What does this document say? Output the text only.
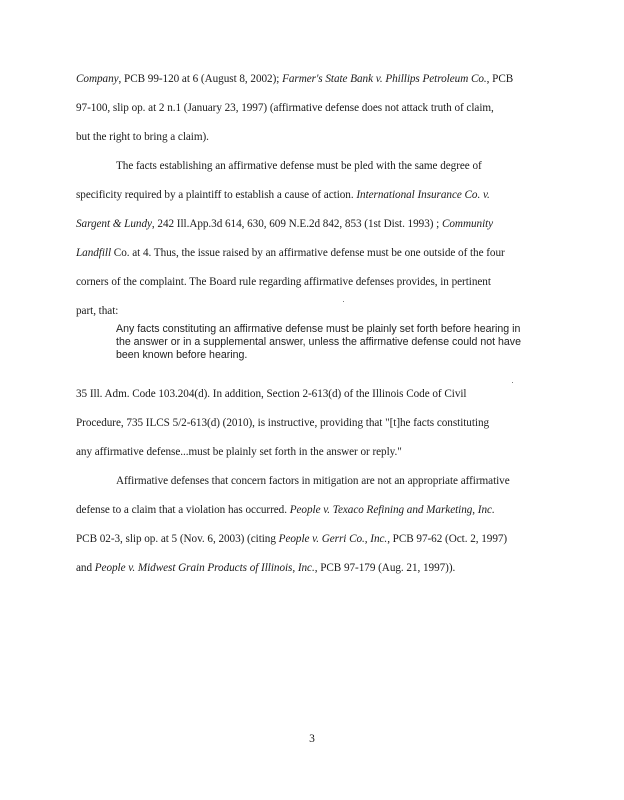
Company, PCB 99-120 at 6 (August 8, 2002); Farmer's State Bank v. Phillips Petroleum Co., PCB
97-100, slip op. at 2 n.1 (January 23, 1997) (affirmative defense does not attack truth of claim,
but the right to bring a claim).
The facts establishing an affirmative defense must be pled with the same degree of
specificity required by a plaintiff to establish a cause of action. International Insurance Co. v.
Sargent & Lundy, 242 Ill.App.3d 614, 630, 609 N.E.2d 842, 853 (1st Dist. 1993) ; Community
Landfill Co. at 4. Thus, the issue raised by an affirmative defense must be one outside of the four
corners of the complaint. The Board rule regarding affirmative defenses provides, in pertinent
part, that:
35 Ill. Adm. Code 103.204(d). In addition, Section 2-613(d) of the Illinois Code of Civil
Procedure, 735 ILCS 5/2-613(d) (2010), is instructive, providing that "[t]he facts constituting
any affirmative defense...must be plainly set forth in the answer or reply."
Affirmative defenses that concern factors in mitigation are not an appropriate affirmative
defense to a claim that a violation has occurred. People v. Texaco Refining and Marketing, Inc.
PCB 02-3, slip op. at 5 (Nov. 6, 2003) (citing People v. Gerri Co., Inc., PCB 97-62 (Oct. 2, 1997)
and People v. Midwest Grain Products of Illinois, Inc., PCB 97-179 (Aug. 21, 1997)).
Any facts constituting an affirmative defense must be plainly set forth before hearing in
the answer or in a supplemental answer, unless the affirmative defense could not have
been known before hearing.
3
